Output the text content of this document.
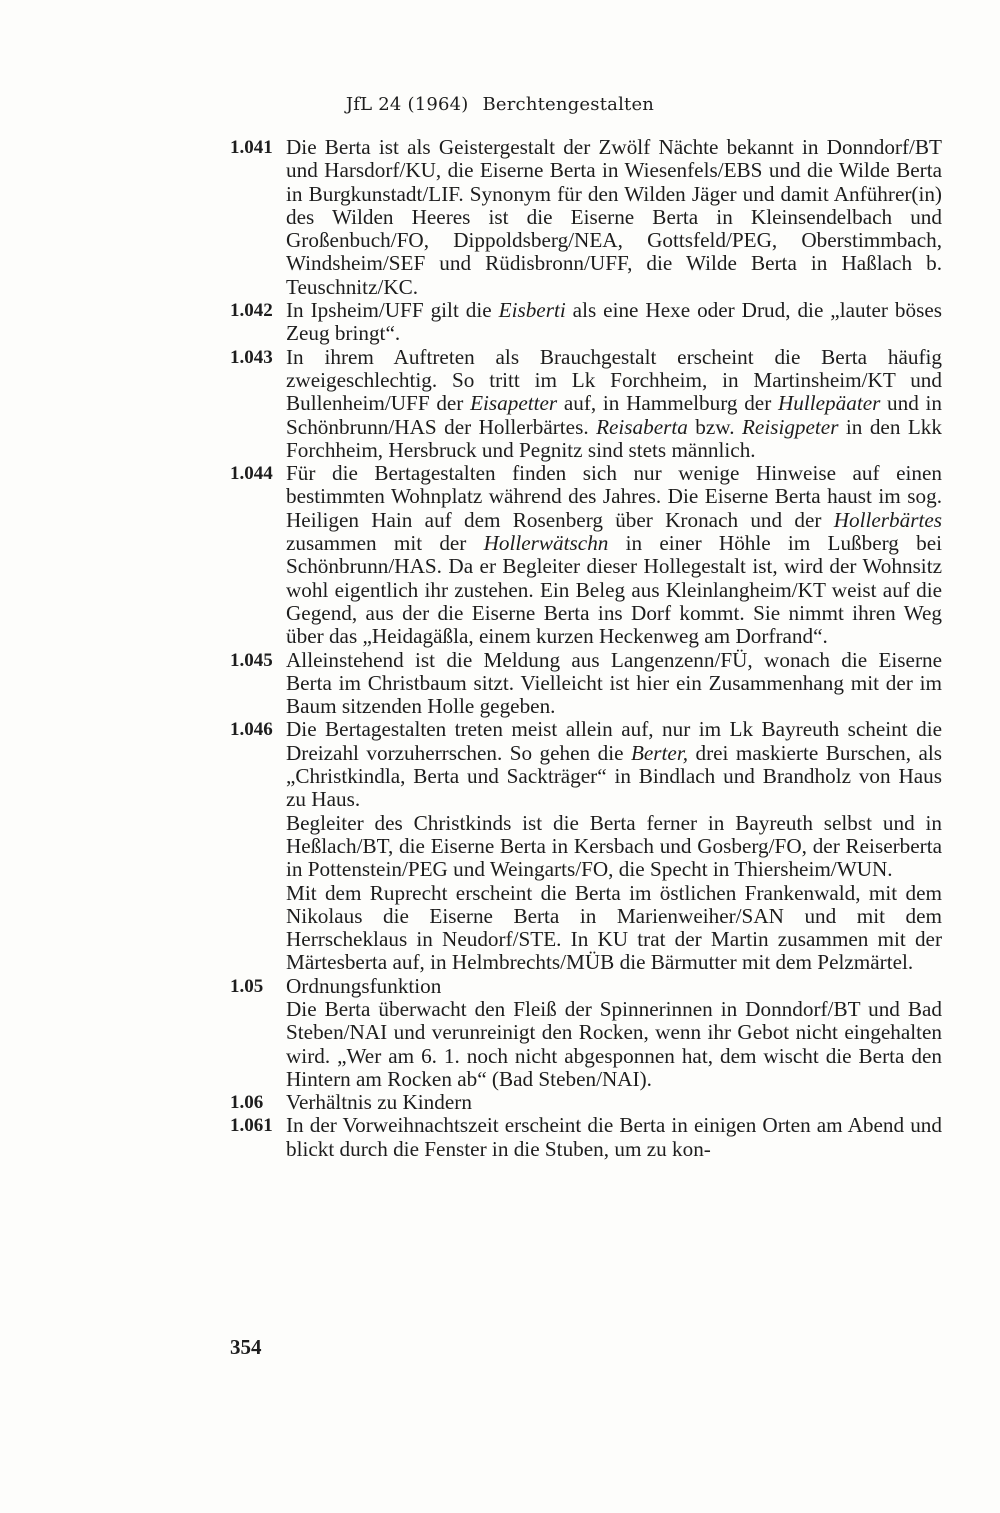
JfL 24 (1964) Berchtengestalten
1.041 Die Berta ist als Geistergestalt der Zwölf Nächte bekannt in Donndorf/BT und Harsdorf/KU, die Eiserne Berta in Wiesenfels/EBS und die Wilde Berta in Burgkunstadt/LIF. Synonym für den Wilden Jäger und damit Anführer(in) des Wilden Heeres ist die Eiserne Berta in Kleinsendelbach und Großenbuch/FO, Dippoldsberg/NEA, Gottsfeld/PEG, Oberstimmbach, Windsheim/SEF und Rüdisbronn/UFF, die Wilde Berta in Haßlach b. Teuschnitz/KC.

1.042 In Ipsheim/UFF gilt die Eisberti als eine Hexe oder Drud, die „lauter böses Zeug bringt“.

1.043 In ihrem Auftreten als Brauchgestalt erscheint die Berta häufig zweigeschlechtig. So tritt im Lk Forchheim, in Martinsheim/KT und Bullenheim/UFF der Eisapetter auf, in Hammelburg der Hullepäater und in Schönbrunn/HAS der Hollerbärtes. Reisaberta bzw. Reisigpeter in den Lkk Forchheim, Hersbruck und Pegnitz sind stets männlich.

1.044 Für die Bertagestalten finden sich nur wenige Hinweise auf einen bestimmten Wohnplatz während des Jahres. Die Eiserne Berta haust im sog. Heiligen Hain auf dem Rosenberg über Kronach und der Hollerbärtes zusammen mit der Hollerwätschn in einer Höhle im Lußberg bei Schönbrunn/HAS. Da er Begleiter dieser Hollegestalt ist, wird der Wohnsitz wohl eigentlich ihr zustehen. Ein Beleg aus Kleinlangheim/KT weist auf die Gegend, aus der die Eiserne Berta ins Dorf kommt. Sie nimmt ihren Weg über das „Heidagäßla, einem kurzen Heckenweg am Dorfrand“.

1.045 Alleinstehend ist die Meldung aus Langenzenn/FÜ, wonach die Eiserne Berta im Christbaum sitzt. Vielleicht ist hier ein Zusammenhang mit der im Baum sitzenden Holle gegeben.

1.046 Die Bertagestalten treten meist allein auf, nur im Lk Bayreuth scheint die Dreizahl vorzuherrschen. So gehen die Berter, drei maskierte Burschen, als „Christkindla, Berta und Sackträger“ in Bindlach und Brandholz von Haus zu Haus.

Begleiter des Christkinds ist die Berta ferner in Bayreuth selbst und in Heßlach/BT, die Eiserne Berta in Kersbach und Gosberg/FO, der Reiserberta in Pottenstein/PEG und Weingarts/FO, die Specht in Thiersheim/WUN.

Mit dem Ruprecht erscheint die Berta im östlichen Frankenwald, mit dem Nikolaus die Eiserne Berta in Marienweiher/SAN und mit dem Herrscheklaus in Neudorf/STE. In KU trat der Martin zusammen mit der Märtesberta auf, in Helmbrechts/MÜB die Bärmutter mit dem Pelzmärtel.

1.05	Ordnungsfunktion

Die Berta überwacht den Fleiß der Spinnerinnen in Donndorf/BT und Bad Steben/NAI und verunreinigt den Rocken, wenn ihr Gebot nicht eingehalten wird. „Wer am 6. 1. noch nicht abgesponnen hat, dem wischt die Berta den Hintern am Rocken ab“ (Bad Steben/NAI).

1.06	Verhältnis zu Kindern

1.061 In der Vorweihnachtszeit erscheint die Berta in einigen Orten am Abend und blickt durch die Fenster in die Stuben, um zu kon-

354
